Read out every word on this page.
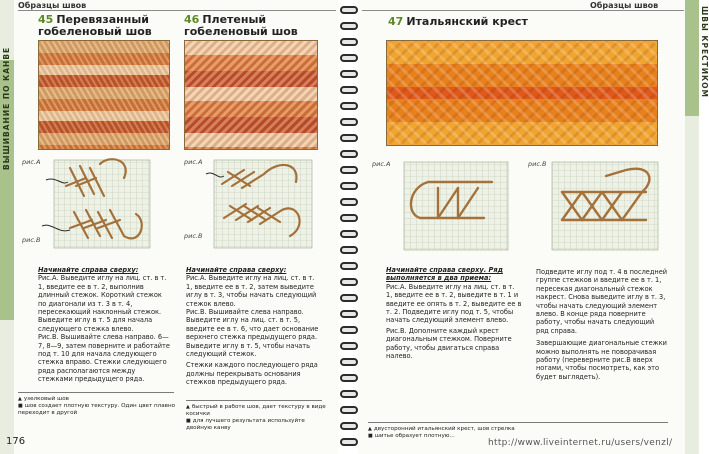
ВЫШИВАНИЕ ПО КАНВЕ
Образцы швов
45 Перевязанный
гобеленовый шов
рис.А
рис.В

Начинайте справа сверху:

Рис.А. Выведите иглу на лиц. ст. в т. 1, введите ее в т. 2, выполнив длинный стежок. Короткий стежок по диагонали из т. 3 в т. 4, пересекающий наклонный стежок. Выведите иглу в т. 5 для начала следующего стежка влево.

Рис.В. Вышивайте слева направо. 6—7, 8—9, затем поверните и работайте под т. 10 для начала следующего стежка вправо. Стежки следующего ряда располагаются между стежками предыдущего ряда.

▲ узелковый шов
■ шов создает плотную текстуру. Один цвет плавно переходит в другой
46 Плетеный
гобеленовый шов
рис.А
рис.В

Начинайте справа сверху:

Рис.А. Выведите иглу на лиц. ст. в т. 1, введите ее в т. 2, затем выведите иглу в т. 3, чтобы начать следующий стежок влево.

Рис.В. Вышивайте слева направо. Выведите иглу на лиц. ст. в т. 5, введите ее в т. 6, что дает основание верхнего стежка предыдущего ряда. Выведите иглу в т. 5, чтобы начать следующий стежок.

Стежки каждого последующего ряда должны перекрывать основания стежков предыдущего ряда.

▲ быстрый в работе шов, дает текстуру в виде косички
■ для лучшего результата используйте двойную канву
176
ШВЫ КРЕСТИКОМ
Образцы швов
47 Итальянский крест
рис.А	рис.В

Начинайте справа сверху. Ряд выполняется в два приема:

Рис.А. Выведите иглу на лиц. ст. в т. 1, введите ее в т. 2, выведите в т. 1 и введите ее опять в т. 2, выведите ее в т. 2. Подведите иглу под т. 5, чтобы начать следующий элемент влево.

Рис.В. Дополните каждый крест диагональным стежком. Поверните работу, чтобы двигаться справа налево.

Подведите иглу под т. 4 в последней группе стежков и введите ее в т. 1, пересекая диагональный стежок накрест. Снова выведите иглу в т. 3, чтобы начать следующий элемент влево. В конце ряда поверните работу, чтобы начать следующий ряд справа.

Завершающие диагональные стежки можно выполнять не поворачивая работу (переверните рис.В вверх ногами, чтобы посмотреть, как это будет выглядеть).

▲ двусторонний итальянский крест, шов стрелка
■ шитье образует плотную...
http://www.liveinternet.ru/users/venzl/
